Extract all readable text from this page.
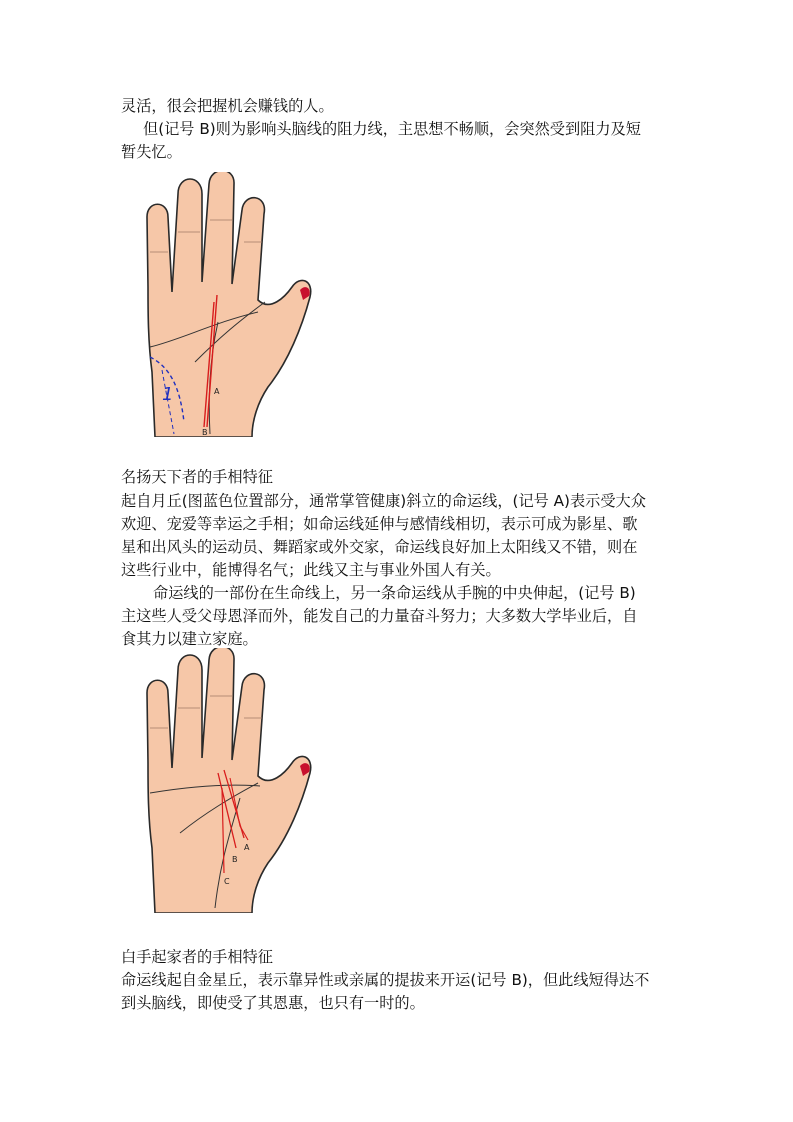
灵活，很会把握机会赚钱的人。
但(记号 B)则为影响头脑线的阻力线，主思想不畅顺，会突然受到阻力及短
暂失忆。
1	A
B
名扬天下者的手相特征
起自月丘(图蓝色位置部分，通常掌管健康)斜立的命运线，(记号 A)表示受大众
欢迎、宠爱等幸运之手相；如命运线延伸与感情线相切，表示可成为影星、歌
星和出风头的运动员、舞蹈家或外交家，命运线良好加上太阳线又不错，则在
这些行业中，能博得名气；此线又主与事业外国人有关。
命运线的一部份在生命线上，另一条命运线从手腕的中央伸起，(记号 B)
主这些人受父母恩泽而外，能发自己的力量奋斗努力；大多数大学毕业后，自
食其力以建立家庭。
A
B
C
白手起家者的手相特征
命运线起自金星丘，表示靠异性或亲属的提拔来开运(记号 B)，但此线短得达不
到头脑线，即使受了其恩惠，也只有一时的。
